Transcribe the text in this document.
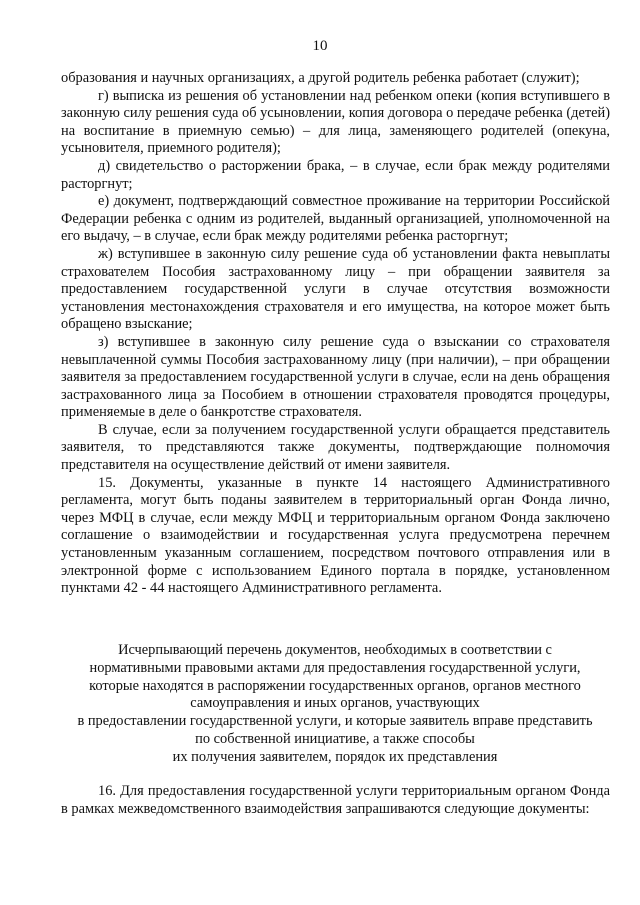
10

образования и научных организациях, а другой родитель ребенка работает (служит);

г) выписка из решения об установлении над ребенком опеки (копия вступившего в законную силу решения суда об усыновлении, копия договора о передаче ребенка (детей) на воспитание в приемную семью) – для лица, заменяющего родителей (опекуна, усыновителя, приемного родителя);

д) свидетельство о расторжении брака, – в случае, если брак между родителями расторгнут;

е) документ, подтверждающий совместное проживание на территории Российской Федерации ребенка с одним из родителей, выданный организацией, уполномоченной на его выдачу, – в случае, если брак между родителями ребенка расторгнут;

ж) вступившее в законную силу решение суда об установлении факта невыплаты страхователем Пособия застрахованному лицу – при обращении заявителя за предоставлением государственной услуги в случае отсутствия возможности установления местонахождения страхователя и его имущества, на которое может быть обращено взыскание;

з) вступившее в законную силу решение суда о взыскании со страхователя невыплаченной суммы Пособия застрахованному лицу (при наличии), – при обращении заявителя за предоставлением государственной услуги в случае, если на день обращения застрахованного лица за Пособием в отношении страхователя проводятся процедуры, применяемые в деле о банкротстве страхователя.

В случае, если за получением государственной услуги обращается представитель заявителя, то представляются также документы, подтверждающие полномочия представителя на осуществление действий от имени заявителя.

15. Документы, указанные в пункте 14 настоящего Административного регламента, могут быть поданы заявителем в территориальный орган Фонда лично, через МФЦ в случае, если между МФЦ и территориальным органом Фонда заключено соглашение о взаимодействии и государственная услуга предусмотрена перечнем установленным указанным соглашением, посредством почтового отправления или в электронной форме с использованием Единого портала в порядке, установленном пунктами 42 - 44 настоящего Административного регламента.

Исчерпывающий перечень документов, необходимых в соответствии с
нормативными правовыми актами для предоставления государственной услуги,
которые находятся в распоряжении государственных органов, органов местного
самоуправления и иных органов, участвующих
в предоставлении государственной услуги, и которые заявитель вправе представить
по собственной инициативе, а также способы
их получения заявителем, порядок их представления
16. Для предоставления государственной услуги территориальным органом Фонда в рамках межведомственного взаимодействия запрашиваются следующие документы:
